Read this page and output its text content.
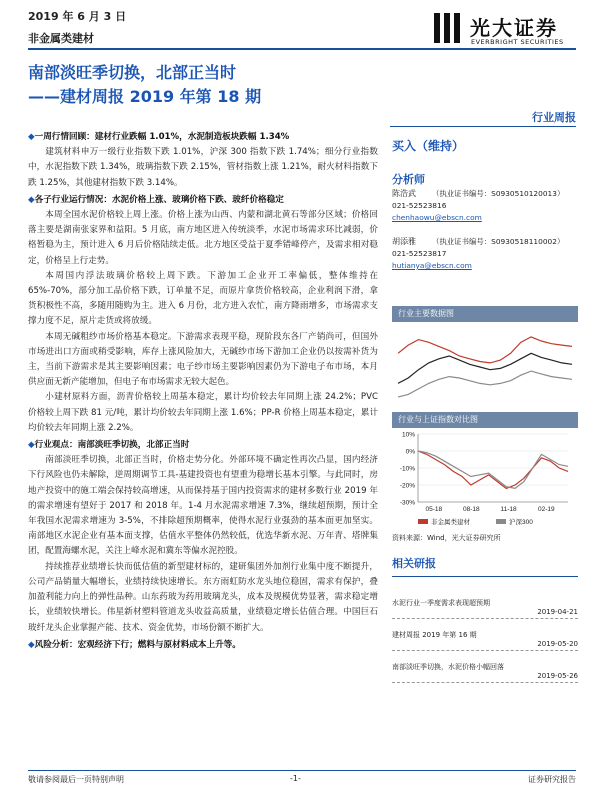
2019 年 6 月 3 日
非金属类建材	光大证券
EVERBRIGHT SECURITIES
南部淡旺季切换，北部正当时
——建材周报 2019 年第 18 期
行业周报

◆一周行情回顾：建材行业跌幅 1.01%，水泥制造板块跌幅 1.34%

建筑材料申万一级行业指数下跌 1.01%，沪深 300 指数下跌 1.74%；细分行业指数中，水泥指数下跌 1.34%，玻璃指数下跌 2.15%，管材指数上涨 1.21%，耐火材料指数下跌 1.25%，其他建材指数下跌 3.14%。

◆各子行业运行情况：水泥价格上涨、玻璃价格下跌、玻纤价格稳定

本周全国水泥价格较上周上涨。价格上涨为山西、内蒙和湖北黄石等部分区域；价格回落主要是湖南张家界和益阳。5 月底，南方地区进入传统淡季，水泥市场需求环比减弱，价格暂稳为主，预计进入 6 月后价格陆续走低。北方地区受益于夏季错峰停产，及需求相对稳定，价格呈上行走势。

本周国内浮法玻璃价格较上周下跌。下游加工企业开工率偏低，整体维持在 65%-70%，部分加工品价格下跌，订单量不足，而原片拿货价格较高，企业利润下滑，拿货积极性不高，多随用随购为主。进入 6 月份，北方进入农忙，南方降雨增多，市场需求支撑力度不足，原片走货或将放缓。

本周无碱粗纱市场价格基本稳定。下游需求表现平稳，现阶段东各厂产销尚可，但国外市场进出口方面或稍受影响，库存上涨风险加大，无碱纱市场下游加工企业仍以按需补货为主，当前下游需求是其主要影响因素；电子纱市场主要影响因素仍为下游电子布市场，本月供应面无新产能增加，但电子布市场需求无较大起色。

小建材原料方面，沥青价格较上周基本稳定，累计均价较去年同期上涨 24.2%；PVC 价格较上周下跌 81 元/吨，累计均价较去年同期上涨 1.6%；PP-R 价格上周基本稳定，累计均价较去年同期上涨 2.2%。

◆行业观点：南部淡旺季切换，北部正当时

南部淡旺季切换，北部正当时，价格走势分化。外部环境不确定性再次凸显，国内经济下行风险也仍未解除，逆周期调节工具-基建投资也有望重为稳增长基本引擎。与此同时，房地产投资中的施工端会保持较高增速，从而保持基于国内投资需求的建材多数行业 2019 年的需求增速有望好于 2017 和 2018 年。1-4 月水泥需求增速 7.3%，继续超预期，预计全年我国水泥需求增速为 3-5%，不排除超预期概率，使得水泥行业强劲的基本面更加坚实。南部地区水泥企业有基本面支撑，估值水平整体仍然较低，优选华新水泥、万年青、塔牌集团，配置海螺水泥，关注上峰水泥和冀东等偏水泥控股。

持续推荐业绩增长快而低估值的新型建材标的，建研集团外加剂行业集中度不断提升，公司产品销量大幅增长，业绩持续快速增长。东方雨虹防水龙头地位稳固，需求有保护，叠加盈利能力向上的弹性品种。山东药玻为药用玻璃龙头，成本及规模优势显著，需求稳定增长，业绩较快增长。伟星新材塑料管道龙头收益高质量，业绩稳定增长估值合理。中国巨石玻纤龙头企业掌握产能、技术、资金优势，市场份额不断扩大。

◆风险分析：宏观经济下行；燃料与原材料成本上升等。

买入（维持）
分析师
陈浩武 （执业证书编号：S0930510120013）
021-52523816
chenhaowu@ebscn.com
胡添雅 （执业证书编号：S0930518110002）
021-52523817
hutianya@ebscn.com
行业主要数据图
行业与上证指数对比图
10%
0%
-10%
-20%
-30%
05-18	08-18	11-18	02-19
非金属类建材	沪深300
资料来源：Wind，光大证券研究所
相关研报
水泥行业一季度需求表现超预期
2019-04-21
建材周报 2019 年第 16 期
2019-05-20
南部淡旺季切换，水泥价格小幅回落
2019-05-26
敬请参阅最后一页特别声明	-1-	证券研究报告
